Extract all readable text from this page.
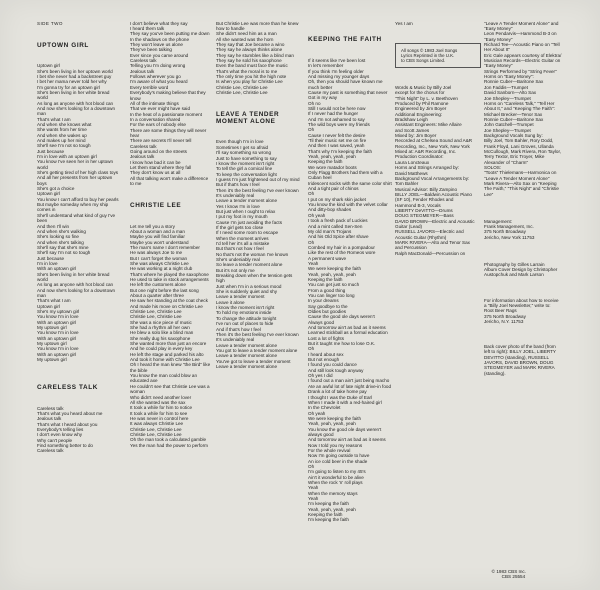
SIDE TWO

UPTOWN GIRL

Uptown girl
She's been living in her uptown world
I bet she never had a backstreet guy
I bet her mama never told her why
I'm gonna try for an uptown girl
She's been living in her white bread world
As long as anyone with hot blood can
And now she's looking for a downtown man
That's what I am
And when she knows what
She wants from her time
And when she wakes up
And makes up her mind
She'll see I'm not so tough
Just because
I'm in love with an uptown girl
You know I've seen her in her uptown world
She's getting tired of her high class toys
And all her presents from her uptown boys
She's got a choice
Uptown girl
You know I can't afford to buy her pearls
But maybe someday when my ship comes in
She'll understand what kind of guy I've been
And then I'll win
And when she's walking
She's looking so fine
And when she's talking
She'll say that she's mine
She'll say I'm not so tough
Just because
I'm in love
With an uptown girl
She's been living in her white bread world
As long as anyone with hot blood can
And now she's looking for a downtown man
That's what I am
Uptown girl
She's my uptown girl
You know I'm in love
With an uptown girl
My uptown girl
You know I'm in love
With an uptown girl
My uptown girl
You know I'm in love
With an uptown girl
My uptown girl

CARELESS TALK

Careless talk
That's what you heard about me
Jealous talk
That's what I heard about you
Everybody's telling lies
I don't even know why
Why can't people
Find something better to do
Careless talk

I don't believe what they say
I heard them talk
They say you've been putting me down
In the shadows on the phone
They won't leave us alone
They've been talking
Ever since you came around
Careless talk
Telling you I'm doing wrong
Jealous talk
Follows wherever you go
I'm aware of what you heard
Every terrible word
Everybody's making believe that they know
All of the intimate things
That we ever might have said
In the heat of a passionate moment
In a conversation shared
For the ears of nobody else
There are some things they will never hear
There are secrets I'll never tell
Careless talk
Going around on the streets
Jealous talk
I know how bad it can be
Let them stand where they fall
They don't know us at all
All that talking won't make a difference to me

CHRISTIE LEE

Let me tell you a story
About a woman and a man
Maybe you will find familiar
Maybe you won't understand
The man's name I don't remember
He was always Joe to me
But I can't forget the woman
She was always Christie Lee
He was working at a night club
That's where he played the saxophone
He used to take in stock arrangements
He left the customers alone
But one night before the last song
About a quarter after three
He saw her standing at the coat check
And made his move on Christie Lee
Christie Lee, Christie Lee
Christie Lee, Christie Lee
She was a nice piece of music
She had a rhythm all her own
He blew a solo like a blind man
She really dug his saxophone
She wanted more than just an encore
And he could play in every key
He left the stage and parked his alto
And took it home with Christie Lee
Oh I heard the man knew "the Bird" like the bible
You know the man could blow an educated axe
He couldn't see that Christie Lee was a woman
Who didn't need another lover
All she wanted was the sax
It took a while for him to notice
It took a while for him to see
He was never in control here
It was always Christie Lee
Christie Lee, Christie Lee
Christie Lee, Christie Lee
Oh the man took a calculated gamble
Yes the man had the power to perform

But Christie Lee was more than he knew how to handle
She didn't need him as a man
All she wanted was the horn
They say that Joe became a wino
They say he always thinks alone
They say he stumbles like a blind man
They say he sold his saxophone
Even the band must face the music
That's what the moral is to me
The only time you hit the high note
Is when you play for Christie Lee
Christie Lee, Christie Lee
Christie Lee, Christie Lee

LEAVE A TENDER MOMENT ALONE

Even though I'm in love
Sometimes I get so afraid
I'll say something so wrong
Just to have something to say
I know the moment isn't right
To tell the girl a comical line
To keep the conversation light
I guess I'm just frightened out of my mind
But if that's how I feel
Then it's the best feeling I've ever known
It's undeniably real
Leave a tender moment alone
Yes I know I'm in love
But just when I ought to relax
I put my foot in my mouth
Cause I'm just avoiding the facts
If the girl gets too close
If I need some room to escape
When the moment arrives
I'd tell her it's all a mistake
But that's not how I feel
No that's not the woman I've known
She's undeniably real
So leave a tender moment alone
But it's not only me
Breaking down when the tension gets high
Just when I'm in a serious mood
She is suddenly quiet and shy
Leave a tender moment
Leave it alone
I know the moment isn't right
To hold my emotions inside
To change the attitude tonight
I've run out of places to hide
And if that's how I feel
Then it's the best feeling I've ever known
It's undeniably real
Leave a tender moment alone
You got to leave a tender moment alone
Leave a tender moment alone
You've got to leave a tender moment
Leave a tender moment alone

KEEPING THE FAITH

If it seems like I've been lost
In let's remember
If you think I'm feeling older
And missing my younger days
Oh, then you should have known me much better
Cause my past is something that never
Got in my way
Oh no
Still I would not be here now
If I never had the hunger
And I'm not ashamed to say
The wild boys were my friends
Oh
Cause I never felt the desire
'Til their music set me on fire
And then I was saved, yeah
That's why I'm keeping the faith
Yeah, yeah, yeah, yeah
Keeping the faith
We wore matador boots
Only Flagg Brothers had them with a Cuban heel
Iridescent socks with the same color shirt
And a tight pair of chinos
Oh
I put on my shark skin jacket
You know the kind with the velvet collar
And ditty-bop shades
Oh yeah
I took a fresh pack of Luckies
And a mint called Sen-Sen
My old man's Trojans
And his Old Spice after shave
Oh
Combed my hair in a pompadour
Like the rest of the Romeos wore
A permanent wave
Yeah
We were keeping the faith
Yeah, yeah, yeah, yeah
Keeping the faith
You can get just so much
From a good thing
You can linger too long
In your dreams
Say goodbye to the
Oldies but goodies
Cause the good ole days weren't
Always good
And tomorrow ain't as bad as it seems
Learned stickball as a formal education
Lost a lot of fights
But it taught me how to lose O.K.
Oh
I heard about sex
But not enough
I found you could dance
And still look tough anyway
Oh yes I did
I found out a man ain't just being macho
Ate an awful lot of late night drive-in food
Drank a lot of take home pay
I thought I was the Duke of Earl
When I made it with a red-haired girl
In the Chevrolet
Oh yeah
We were keeping the faith
Yeah, yeah, yeah, yeah
You know the good ole days weren't always good
And tomorrow ain't as bad as it seems
Now I told you my reasons
For the whole revival
Now I'm going outside to have
An ice cold beer in the shade
Oh
I'm going to listen to my 45's
Ain't it wonderful to be alive
When the rock 'n' roll plays
Yeah
When the memory stays
Yeah
I'm keeping the faith
Yeah, yeah, yeah, yeah
Keeping the faith
I'm keeping the faith

Yes I am

All songs © 1983 Joel Songs
Lyrics Reprinted in the U.K.
to CBS Songs Limited.

Words & Music by Billy Joel
except for the chorus for
"This Night" by L. v. Beethoven
Produced by Phil Ramone
Engineered by Jim Boyer
Additional Engineering:
Bradshaw Leigh
Assistant Engineers: Mike Allaire
and Scott James
Mixed by: Jim Boyer
Recorded at Chelsea Sound and A&R
Recording, Inc., New York, New York
Mixed at: A&R Recording, Inc.
Production Coordinator:
Laura Loncteaux
Horns and Strings Arranged by:
David Matthews
Background Vocal Arrangements by:
Tom Bahler
Musical Advisor: Billy Zampino
BILLY JOEL—Baldwin Acoustic Piano
(SF 10), Fender Rhodes and
Hammond B-3, Vocals
LIBERTY DeVITTO—Drums
DOUG STEGMEYER—Bass
DAVID BROWN—Electric and Acoustic
Guitar (Lead)
RUSSELL JAVORS—Electric and
Acoustic Guitar (Rhythm)
MARK RIVERA—Alto and Tenor Sax
and Percussion
Ralph MacDonald—Percussion on

"Leave A Tender Moment Alone" and
"Easy Money"
Leon Pendarvis—Hammond B-3 on
"Easy Money"
Richard Tee—Acoustic Piano on "Tell
Her About It"
Eric Gale appears courtesy of Elektra/
Musician Records—Electric Guitar on
"Easy Money"
Strings Performed by "String Fever"
Horns on "Easy Money":
Ronnie Cuber—Baritone Sax
Jon Faddis—Trumpet
David Sanborn—Alto Sax
Joe Shepley—Trumpet
Horns on "Careless Talk," "Tell Her
About It," and "Keeping The Faith":
Michael Brecker—Tenor Sax
Ronnie Cuber—Baritone Sax
John Gatchell—Trumpet
Joe Shepley—Trumpet
Background Vocals Sung by:
Billy Joel, Tom Bahler, Rory Dodd,
Frank Floyd, Lani Groves, Ullanda
McCullough, Mark Rivera, Ron Taylor,
Terry Textor, Eric Troyer, Mike
Alexander of "Charm"
SOLOS:
"Toots" Thielemans—Harmonica on
"Leave A Tender Moment Alone"
Mark Rivera—Alto Sax on "Keeping
The Faith," "This Night" and "Christie
Lee"

Management:
Frank Management, Inc.
375 North Broadway
Jericho, New York 11753

Photography by Gilles Larrain
Album Cover Design by Christopher
Austopchuk and Mark Larson

For information about how to receive
a "Billy Joel Newsletter," write to:
Root Beer Rags
375 North Broadway
Jericho, N.Y. 11753

Back cover photo of the band (from
left to right): BILLY JOEL, LIBERTY
DEVITTO (standing), RUSSELL
JAVORS, DAVID BROWN, DOUG
STEGMEYER and MARK RIVERA
(standing).

© 1983 CBS Inc.
CBS 25554
